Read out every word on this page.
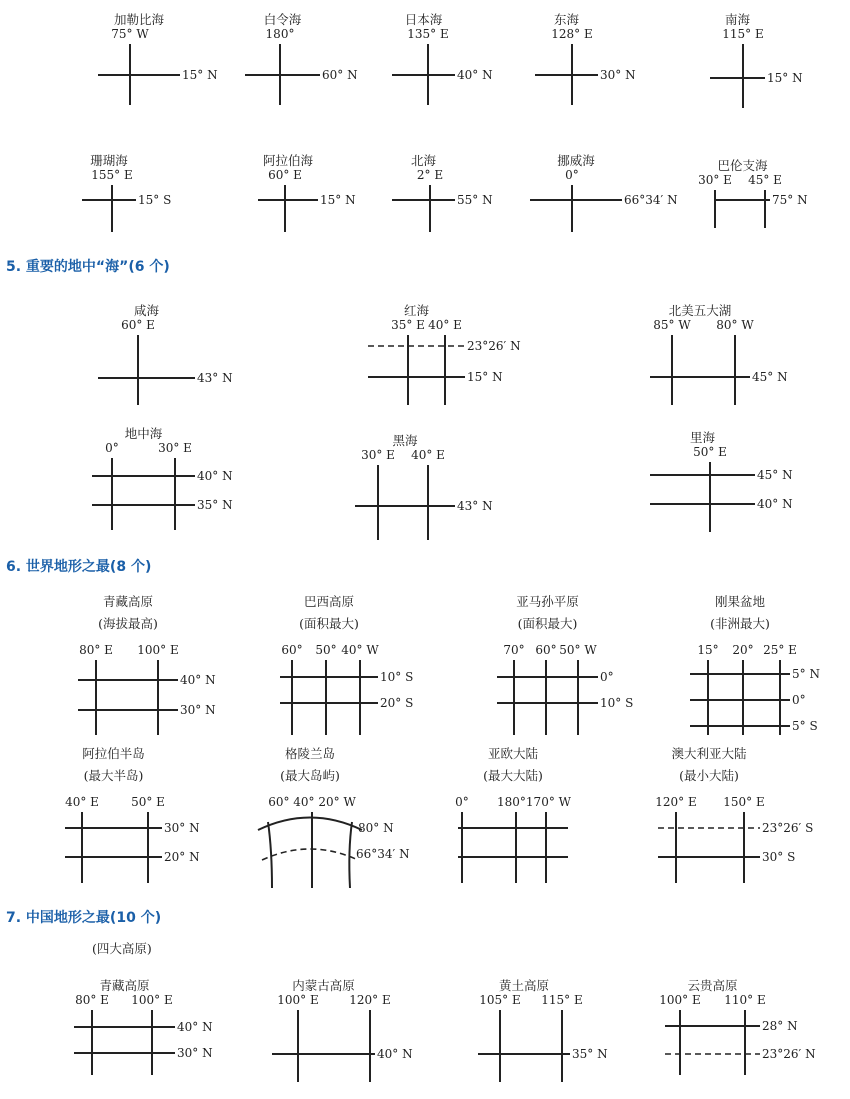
5. 重要的地中“海”(6 个)
6. 世界地形之最(8 个)
7. 中国地形之最(10 个)
(四大高原)
加勒比海
75° W
15° N
白令海
180°
60° N
日本海
135° E
40° N
东海
128° E
30° N
南海
115° E
15° N
珊瑚海
155° E
15° S
阿拉伯海
60° E
15° N
北海
2° E
55° N
挪威海
0°
66°34′ N
巴伦支海
30° E 45° E
75° N
咸海
60° E
43° N
红海
35° E 40° E
23°26′ N
15° N
北美五大湖
85° W 80° W
45° N
地中海
0°	30° E
40° N
35° N
黑海
30° E 40° E
43° N
里海
50° E
45° N
40° N
青藏高原
(海拔最高)
80° E 100° E
40° N
30° N
巴西高原
(面积最大)
60° 50° 40° W
10° S
20° S
亚马孙平原
(面积最大)
70° 60° 50° W
0°
10° S
刚果盆地
(非洲最大)
15° 20° 25° E
5° N
0°
5° S
阿拉伯半岛
(最大半岛)
40° E	50° E
30° N
20° N
格陵兰岛
(最大岛屿)
60° 40° 20° W
80° N
66°34′ N
亚欧大陆
(最大大陆)
0° 180°170° W
澳大利亚大陆
(最小大陆)
120° E 150° E
23°26′ S
30° S
青藏高原
80° E 100° E
40° N
30° N
内蒙古高原
100° E	120° E
40° N
黄土高原
105° E 115° E
35° N
云贵高原
100° E 110° E
28° N
23°26′ N
